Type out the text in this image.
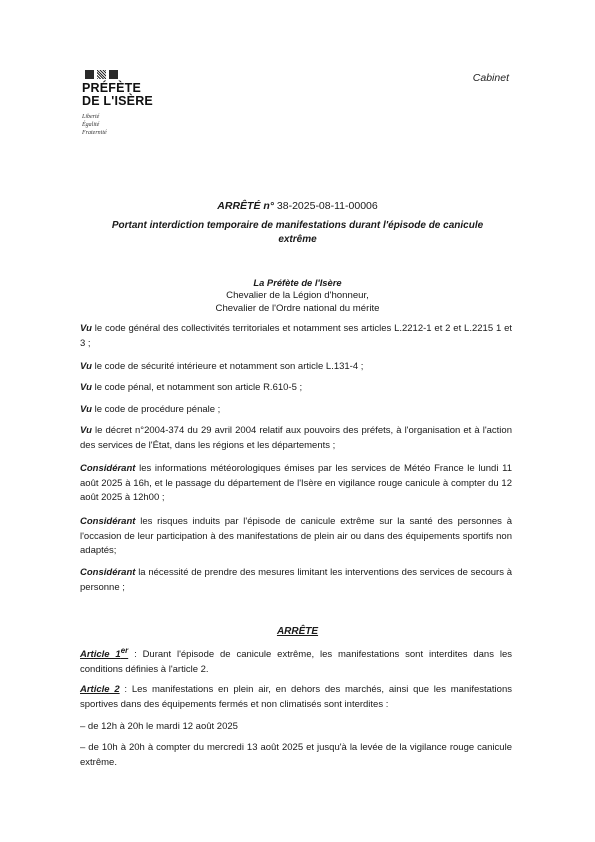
PRÉFÈTE
DE L'ISÈRE
Liberté
Égalité
Fraternité
Cabinet
ARRÊTÉ n° 38-2025-08-11-00006
Portant interdiction temporaire de manifestations durant l'épisode de canicule extrême
La Préfète de l'Isère
Chevalier de la Légion d'honneur,
Chevalier de l'Ordre national du mérite

Vu le code général des collectivités territoriales et notamment ses articles L.2212-1 et 2 et L.2215 1 et 3 ;

Vu le code de sécurité intérieure et notamment son article L.131-4 ;

Vu le code pénal, et notamment son article R.610-5 ;

Vu le code de procédure pénale ;

Vu le décret n°2004-374 du 29 avril 2004 relatif aux pouvoirs des préfets, à l'organisation et à l'action des services de l'État, dans les régions et les départements ;

Considérant les informations météorologiques émises par les services de Météo France le lundi 11 août 2025 à 16h, et le passage du département de l'Isère en vigilance rouge canicule à compter du 12 août 2025 à 12h00 ;

Considérant les risques induits par l'épisode de canicule extrême sur la santé des personnes à l'occasion de leur participation à des manifestations de plein air ou dans des équipements sportifs non adaptés;

Considérant la nécessité de prendre des mesures limitant les interventions des services de secours à personne ;

ARRÊTE

Article 1er : Durant l'épisode de canicule extrême, les manifestations sont interdites dans les conditions définies à l'article 2.

Article 2 : Les manifestations en plein air, en dehors des marchés, ainsi que les manifestations sportives dans des équipements fermés et non climatisés sont interdites :

– de 12h à 20h le mardi 12 août 2025
– de 10h à 20h à compter du mercredi 13 août 2025 et jusqu'à la levée de la vigilance rouge canicule extrême.
